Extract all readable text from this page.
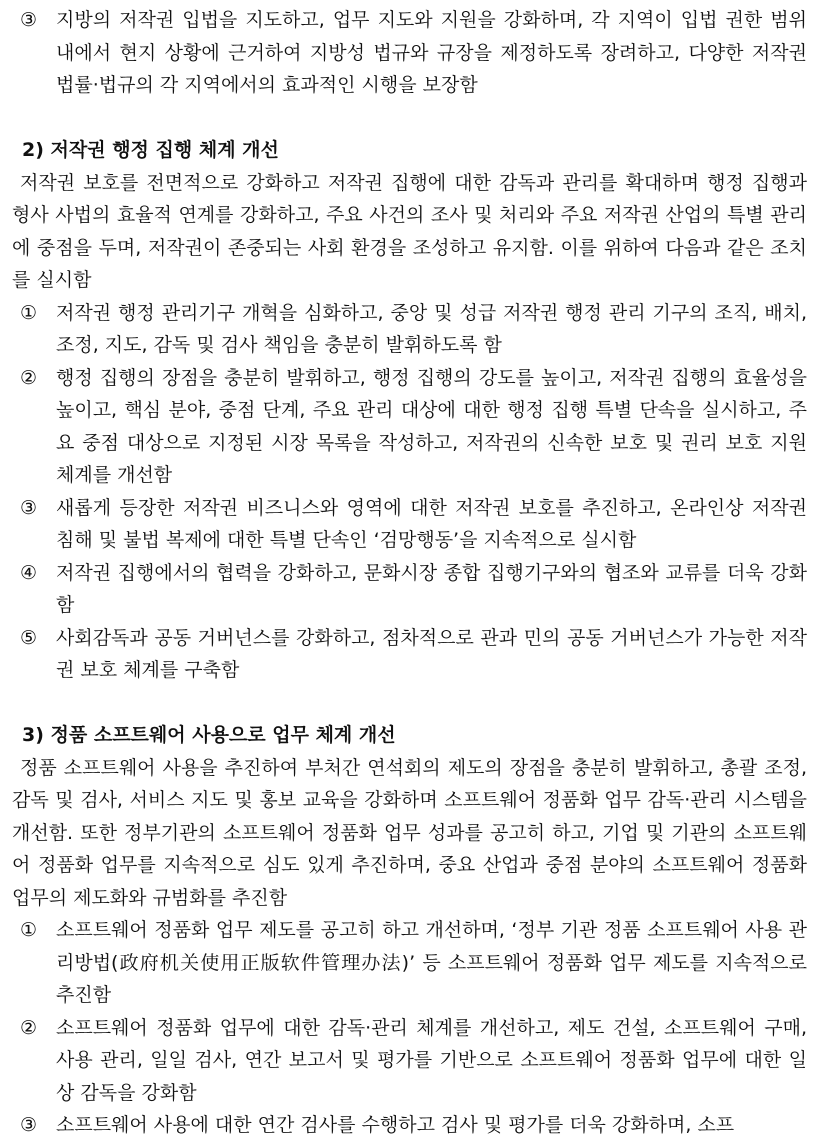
③ 지방의 저작권 입법을 지도하고, 업무 지도와 지원을 강화하며, 각 지역이 입법 권한 범위 내에서 현지 상황에 근거하여 지방성 법규와 규장을 제정하도록 장려하고, 다양한 저작권 법률·법규의 각 지역에서의 효과적인 시행을 보장함

2) 저작권 행정 집행 체계 개선

저작권 보호를 전면적으로 강화하고 저작권 집행에 대한 감독과 관리를 확대하며 행정 집행과 형사 사법의 효율적 연계를 강화하고, 주요 사건의 조사 및 처리와 주요 저작권 산업의 특별 관리에 중점을 두며, 저작권이 존중되는 사회 환경을 조성하고 유지함. 이를 위하여 다음과 같은 조치를 실시함

① 저작권 행정 관리기구 개혁을 심화하고, 중앙 및 성급 저작권 행정 관리 기구의 조직, 배치, 조정, 지도, 감독 및 검사 책임을 충분히 발휘하도록 함
② 행정 집행의 장점을 충분히 발휘하고, 행정 집행의 강도를 높이고, 저작권 집행의 효율성을 높이고, 핵심 분야, 중점 단계, 주요 관리 대상에 대한 행정 집행 특별 단속을 실시하고, 주요 중점 대상으로 지정된 시장 목록을 작성하고, 저작권의 신속한 보호 및 권리 보호 지원 체계를 개선함
③ 새롭게 등장한 저작권 비즈니스와 영역에 대한 저작권 보호를 추진하고, 온라인상 저작권 침해 및 불법 복제에 대한 특별 단속인 ‘검망행동’을 지속적으로 실시함
④ 저작권 집행에서의 협력을 강화하고, 문화시장 종합 집행기구와의 협조와 교류를 더욱 강화함
⑤ 사회감독과 공동 거버넌스를 강화하고, 점차적으로 관과 민의 공동 거버넌스가 가능한 저작권 보호 체계를 구축함

3) 정품 소프트웨어 사용으로 업무 체계 개선

정품 소프트웨어 사용을 추진하여 부처간 연석회의 제도의 장점을 충분히 발휘하고, 총괄 조정, 감독 및 검사, 서비스 지도 및 홍보 교육을 강화하며 소프트웨어 정품화 업무 감독·관리 시스템을 개선함. 또한 정부기관의 소프트웨어 정품화 업무 성과를 공고히 하고, 기업 및 기관의 소프트웨어 정품화 업무를 지속적으로 심도 있게 추진하며, 중요 산업과 중점 분야의 소프트웨어 정품화 업무의 제도화와 규범화를 추진함

① 소프트웨어 정품화 업무 제도를 공고히 하고 개선하며, ‘정부 기관 정품 소프트웨어 사용 관리방법(政府机关使用正版软件管理办法)’ 등 소프트웨어 정품화 업무 제도를 지속적으로 추진함
② 소프트웨어 정품화 업무에 대한 감독·관리 체계를 개선하고, 제도 건설, 소프트웨어 구매, 사용 관리, 일일 검사, 연간 보고서 및 평가를 기반으로 소프트웨어 정품화 업무에 대한 일상 감독을 강화함
③ 소프트웨어 사용에 대한 연간 검사를 수행하고 검사 및 평가를 더욱 강화하며, 소프
